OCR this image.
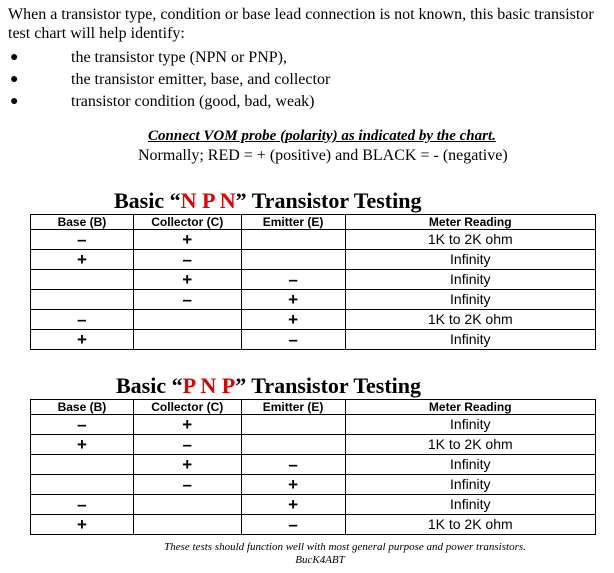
When a transistor type, condition or base lead connection is not known, this basic transistor test chart will help identify:
●	the transistor type (NPN or PNP),
●	the transistor emitter, base, and collector
●	transistor condition (good, bad, weak)
Connect VOM probe (polarity) as indicated by the chart.
Normally; RED = + (positive) and BLACK = - (negative)
Basic “N P N” Transistor Testing
Base (B)	Collector (C)	Emitter (E)	Meter Reading
–	+		1K to 2K ohm
+	–		Infinity
	+	–	Infinity
	–	+	Infinity
–		+	1K to 2K ohm
+		–	Infinity
Basic “P N P” Transistor Testing
Base (B)	Collector (C)	Emitter (E)	Meter Reading
–	+		Infinity
+	–		1K to 2K ohm
	+	–	Infinity
	–	+	Infinity
–		+	Infinity
+		–	1K to 2K ohm
These tests should function well with most general purpose and power transistors.
BucK4ABT
